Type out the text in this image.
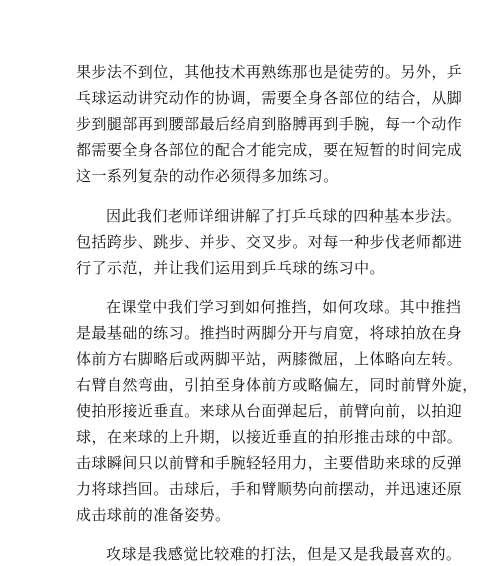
果步法不到位，其他技术再熟练那也是徒劳的。另外，乒
乓球运动讲究动作的协调，需要全身各部位的结合，从脚
步到腿部再到腰部最后经肩到胳膊再到手腕，每一个动作
都需要全身各部位的配合才能完成，要在短暂的时间完成
这一系列复杂的动作必须得多加练习。
因此我们老师详细讲解了打乒乓球的四种基本步法。
包括跨步、跳步、并步、交叉步。对每一种步伐老师都进
行了示范，并让我们运用到乒乓球的练习中。
在课堂中我们学习到如何推挡，如何攻球。其中推挡
是最基础的练习。推挡时两脚分开与肩宽，将球拍放在身
体前方右脚略后或两脚平站，两膝微屈，上体略向左转。
右臂自然弯曲，引拍至身体前方或略偏左，同时前臂外旋，
使拍形接近垂直。来球从台面弹起后，前臂向前，以拍迎
球，在来球的上升期，以接近垂直的拍形推击球的中部。
击球瞬间只以前臂和手腕轻轻用力，主要借助来球的反弹
力将球挡回。击球后，手和臂顺势向前摆动，并迅速还原
成击球前的准备姿势。
攻球是我感觉比较难的打法，但是又是我最喜欢的。
